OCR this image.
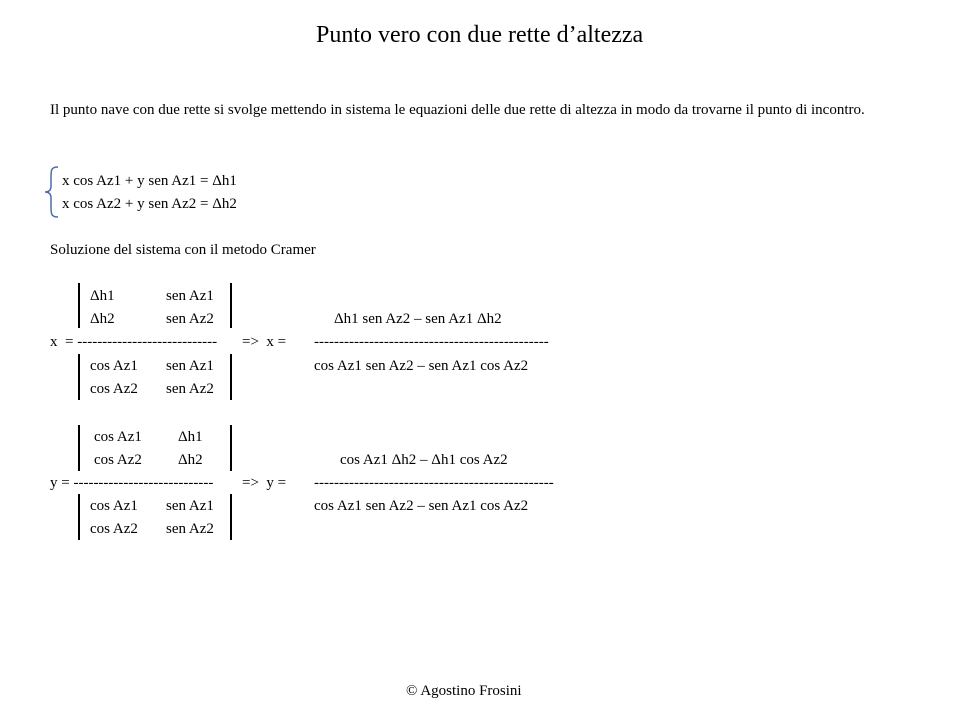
Punto vero con due rette d’altezza
Il punto nave con due rette si svolge mettendo in sistema le equazioni delle due rette di altezza in modo da trovarne il punto di incontro.
x cos Az1 + y sen Az1 = Δh1
x cos Az2 + y sen Az2 = Δh2
Soluzione del sistema con il metodo Cramer
Δh1	sen Az1
Δh2	sen Az2	Δh1 sen Az2 – sen Az1 Δh2
x  = ---------------------------- =>  x = -----------------------------------------------
cos Az1 sen Az1	cos Az1 sen Az2 – sen Az1 cos Az2
cos Az2 sen Az2
cos Az1 Δh1
cos Az2 Δh2	cos Az1 Δh2 – Δh1 cos Az2
y = ---------------------------- =>  y = ------------------------------------------------
cos Az1 sen Az1	cos Az1 sen Az2 – sen Az1 cos Az2
cos Az2 sen Az2
© Agostino Frosini
